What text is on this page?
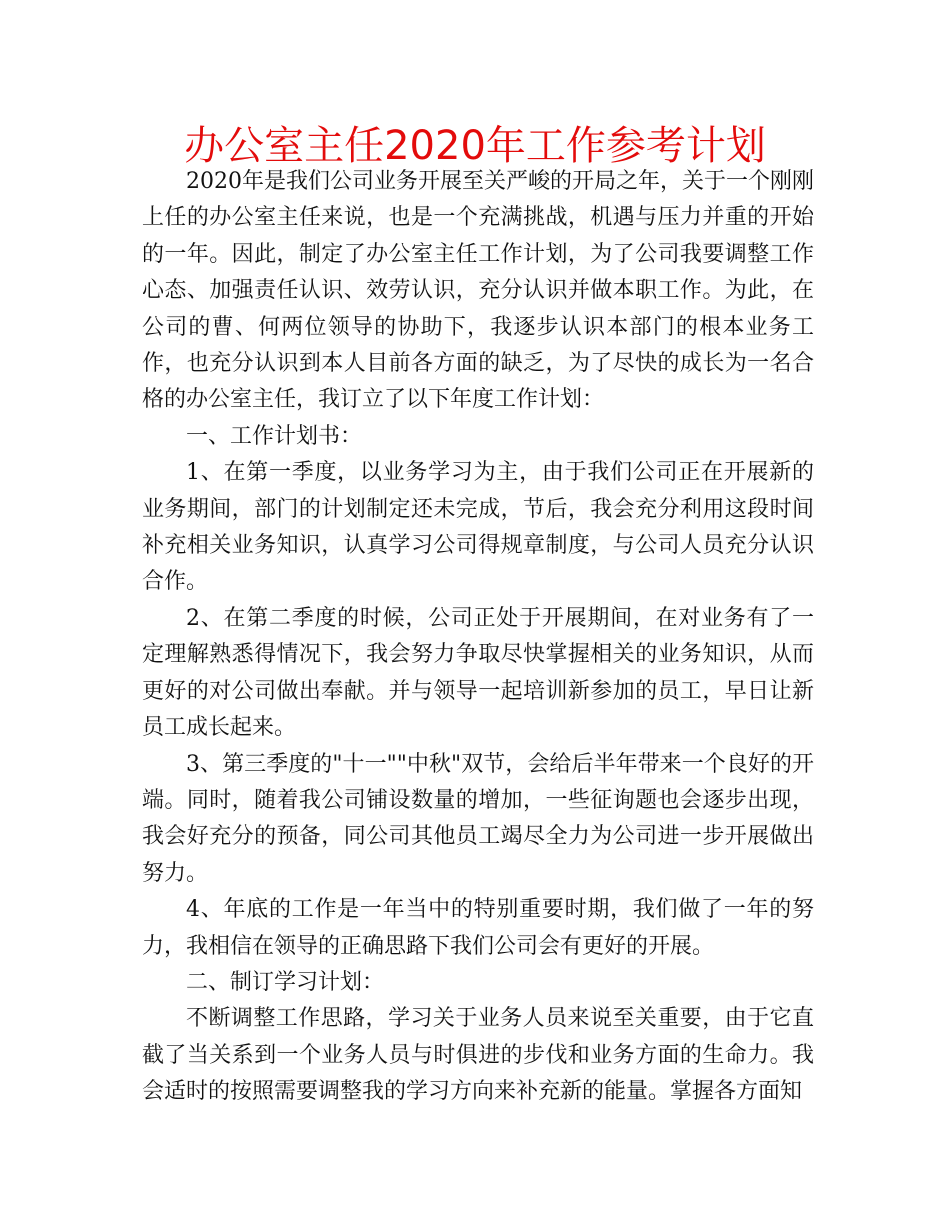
办公室主任2020年工作参考计划

2020年是我们公司业务开展至关严峻的开局之年，关于一个刚刚上任的办公室主任来说，也是一个充满挑战，机遇与压力并重的开始的一年。因此，制定了办公室主任工作计划，为了公司我要调整工作心态、加强责任认识、效劳认识，充分认识并做本职工作。为此，在公司的曹、何两位领导的协助下，我逐步认识本部门的根本业务工作，也充分认识到本人目前各方面的缺乏，为了尽快的成长为一名合格的办公室主任，我订立了以下年度工作计划：

一、工作计划书：

1、在第一季度，以业务学习为主，由于我们公司正在开展新的业务期间，部门的计划制定还未完成，节后，我会充分利用这段时间补充相关业务知识，认真学习公司得规章制度，与公司人员充分认识合作。

2、在第二季度的时候，公司正处于开展期间，在对业务有了一定理解熟悉得情况下，我会努力争取尽快掌握相关的业务知识，从而更好的对公司做出奉献。并与领导一起培训新参加的员工，早日让新员工成长起来。

3、第三季度的"十一""中秋"双节，会给后半年带来一个良好的开端。同时，随着我公司铺设数量的增加，一些征询题也会逐步出现，我会好充分的预备，同公司其他员工竭尽全力为公司进一步开展做出努力。

4、年底的工作是一年当中的特别重要时期，我们做了一年的努力，我相信在领导的正确思路下我们公司会有更好的开展。

二、制订学习计划：

不断调整工作思路，学习关于业务人员来说至关重要，由于它直截了当关系到一个业务人员与时俱进的步伐和业务方面的生命力。我会适时的按照需要调整我的学习方向来补充新的能量。掌握各方面知
